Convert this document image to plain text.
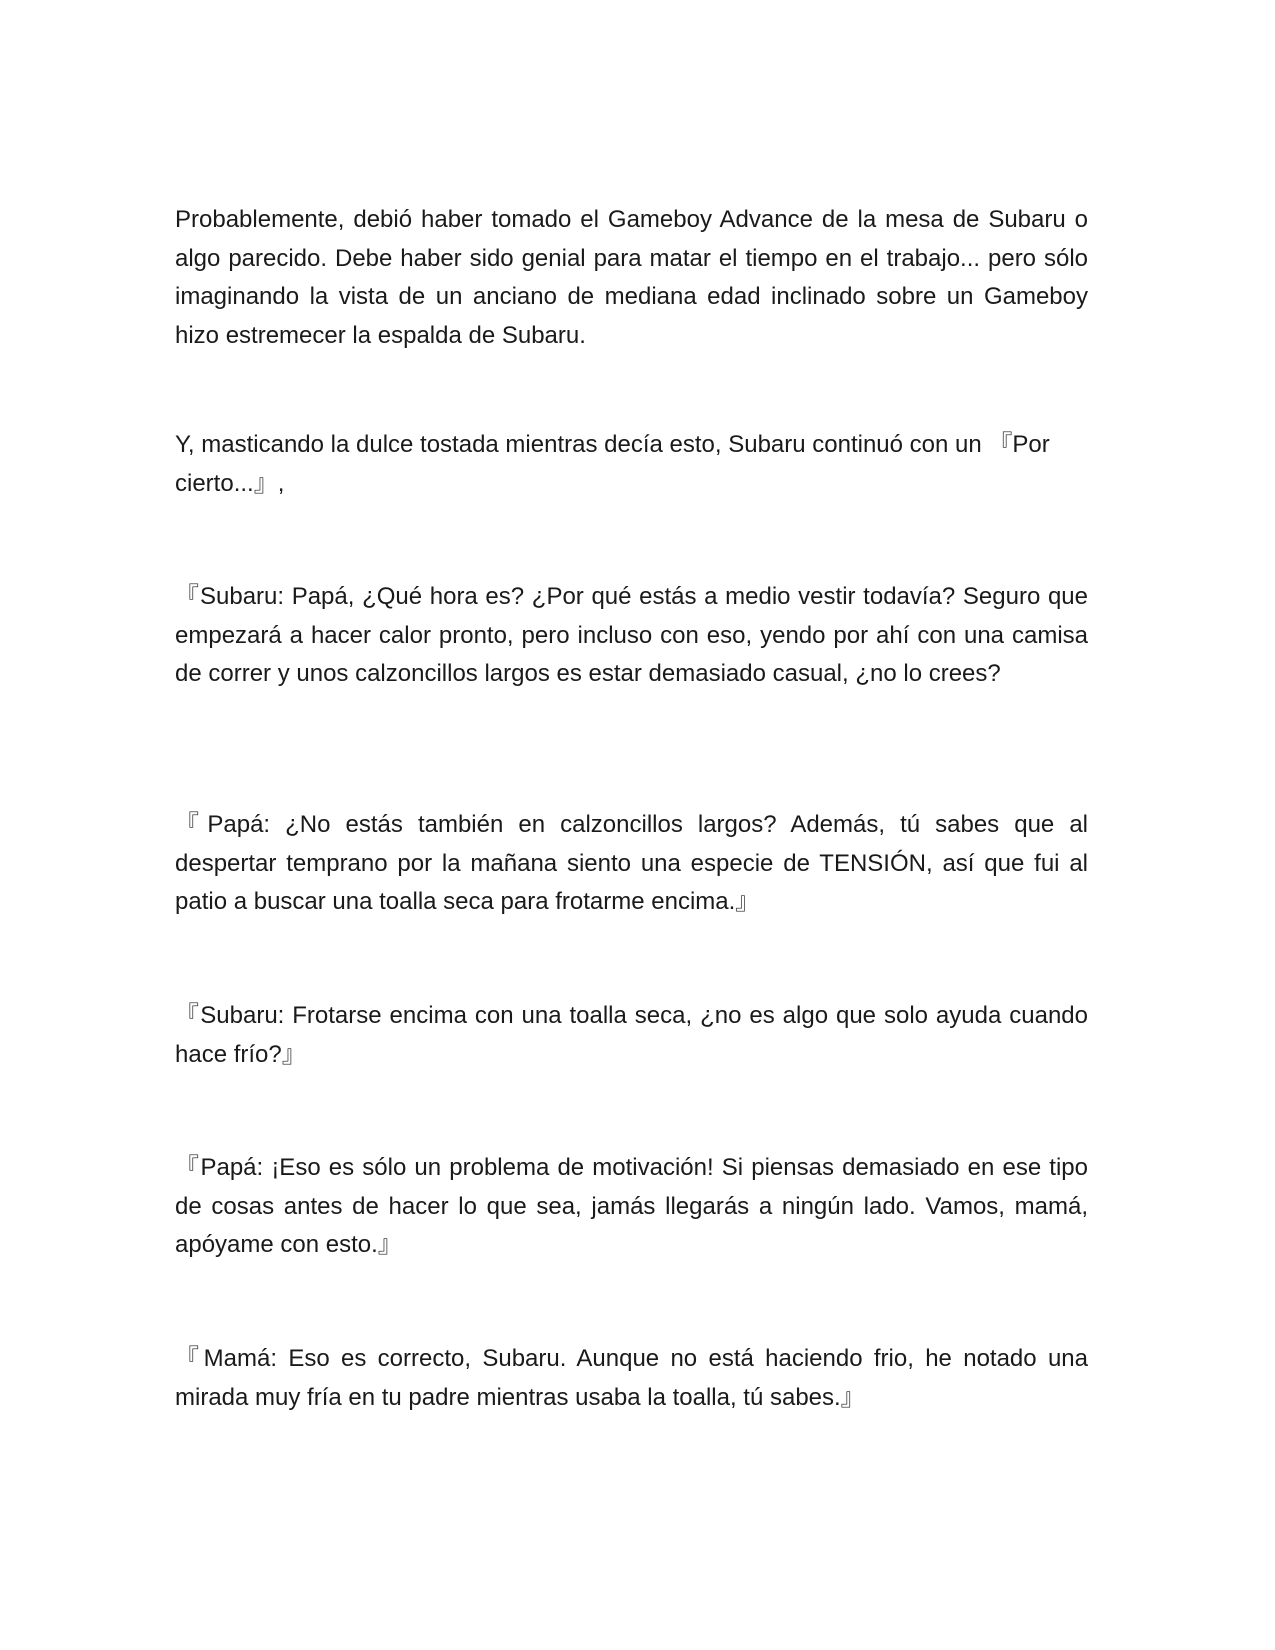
Probablemente, debió haber tomado el Gameboy Advance de la mesa de Subaru o algo parecido. Debe haber sido genial para matar el tiempo en el trabajo... pero sólo imaginando la vista de un anciano de mediana edad inclinado sobre un Gameboy hizo estremecer la espalda de Subaru.

Y, masticando la dulce tostada mientras decía esto, Subaru continuó con un 『Por cierto...』,

『Subaru: Papá, ¿Qué hora es? ¿Por qué estás a medio vestir todavía? Seguro que empezará a hacer calor pronto, pero incluso con eso, yendo por ahí con una camisa de correr y unos calzoncillos largos es estar demasiado casual, ¿no lo crees?

『Papá: ¿No estás también en calzoncillos largos? Además, tú sabes que al despertar temprano por la mañana siento una especie de TENSIÓN, así que fui al patio a buscar una toalla seca para frotarme encima.』

『Subaru: Frotarse encima con una toalla seca, ¿no es algo que solo ayuda cuando hace frío?』

『Papá: ¡Eso es sólo un problema de motivación! Si piensas demasiado en ese tipo de cosas antes de hacer lo que sea, jamás llegarás a ningún lado. Vamos, mamá, apóyame con esto.』

『Mamá: Eso es correcto, Subaru. Aunque no está haciendo frio, he notado una mirada muy fría en tu padre mientras usaba la toalla, tú sabes.』
